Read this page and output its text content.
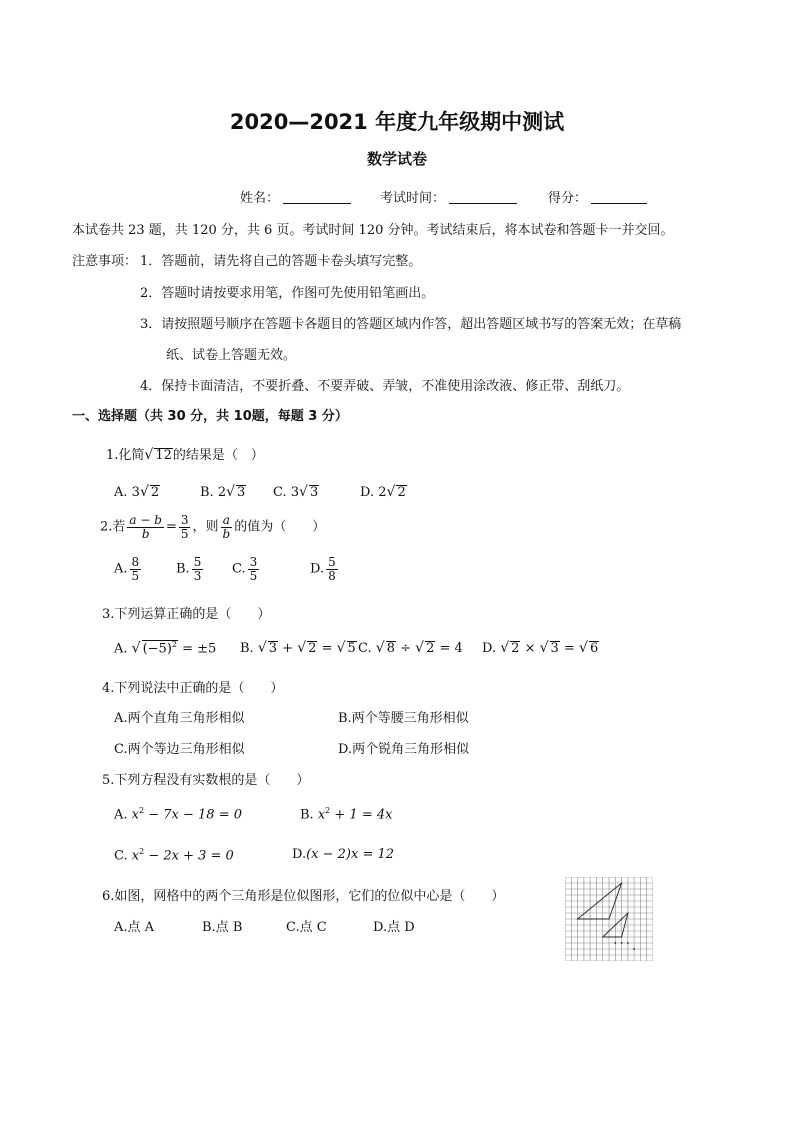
2020—2021 年度九年级期中测试
数学试卷
姓名：	考试时间：	得分：
本试卷共 23 题，共 120 分，共 6 页。考试时间 120 分钟。考试结束后，将本试卷和答题卡一并交回。
注意事项： 1．答题前，请先将自己的答题卡卷头填写完整。
2．答题时请按要求用笔，作图可先使用铅笔画出。
3．请按照题号顺序在答题卡各题目的答题区域内作答，超出答题区域书写的答案无效；在草稿
纸、试卷上答题无效。
4．保持卡面清洁，不要折叠、不要弄破、弄皱，不准使用涂改液、修正带、刮纸刀。
一、选择题（共 30 分，共 10题，每题 3 分）
1.化简√ 12的结果是（　）
A. 3√ 2	B. 2√ 3 C. 3√ 3	D. 2√ 2
2.若 $\frac{a - b}{b} = \frac{3}{5}$ ，则 $\frac{a}{b}$ 的值为（　　）
A. $\frac{8}{5}$	B. $\frac{5}{3} C$. $\frac{3}{5}$	D. $\frac{5}{8}$
3.下列运算正确的是（　　）
A. √ $(-5)^2 = \pm 5$ B. √ 3 + √ 2 = √ 5 C. √ 8 ÷ √ 2 = 4 D. √ 2 × √ 3 = √ 6
4.下列说法中正确的是（　　）
A.两个直角三角形相似	B.两个等腰三角形相似
C.两个等边三角形相似	D.两个锐角三角形相似
5.下列方程没有实数根的是（　　）
A. $x^2 - 7x - 18 = 0$	B. $x^2 + 1 = 4x$
C. $x^2 - 2x + 3 = 0$	D.(x − 2)x = 12
6.如图，网格中的两个三角形是位似图形，它们的位似中心是（　　）
A.点 A	B.点 B	C.点 C	D.点 D
